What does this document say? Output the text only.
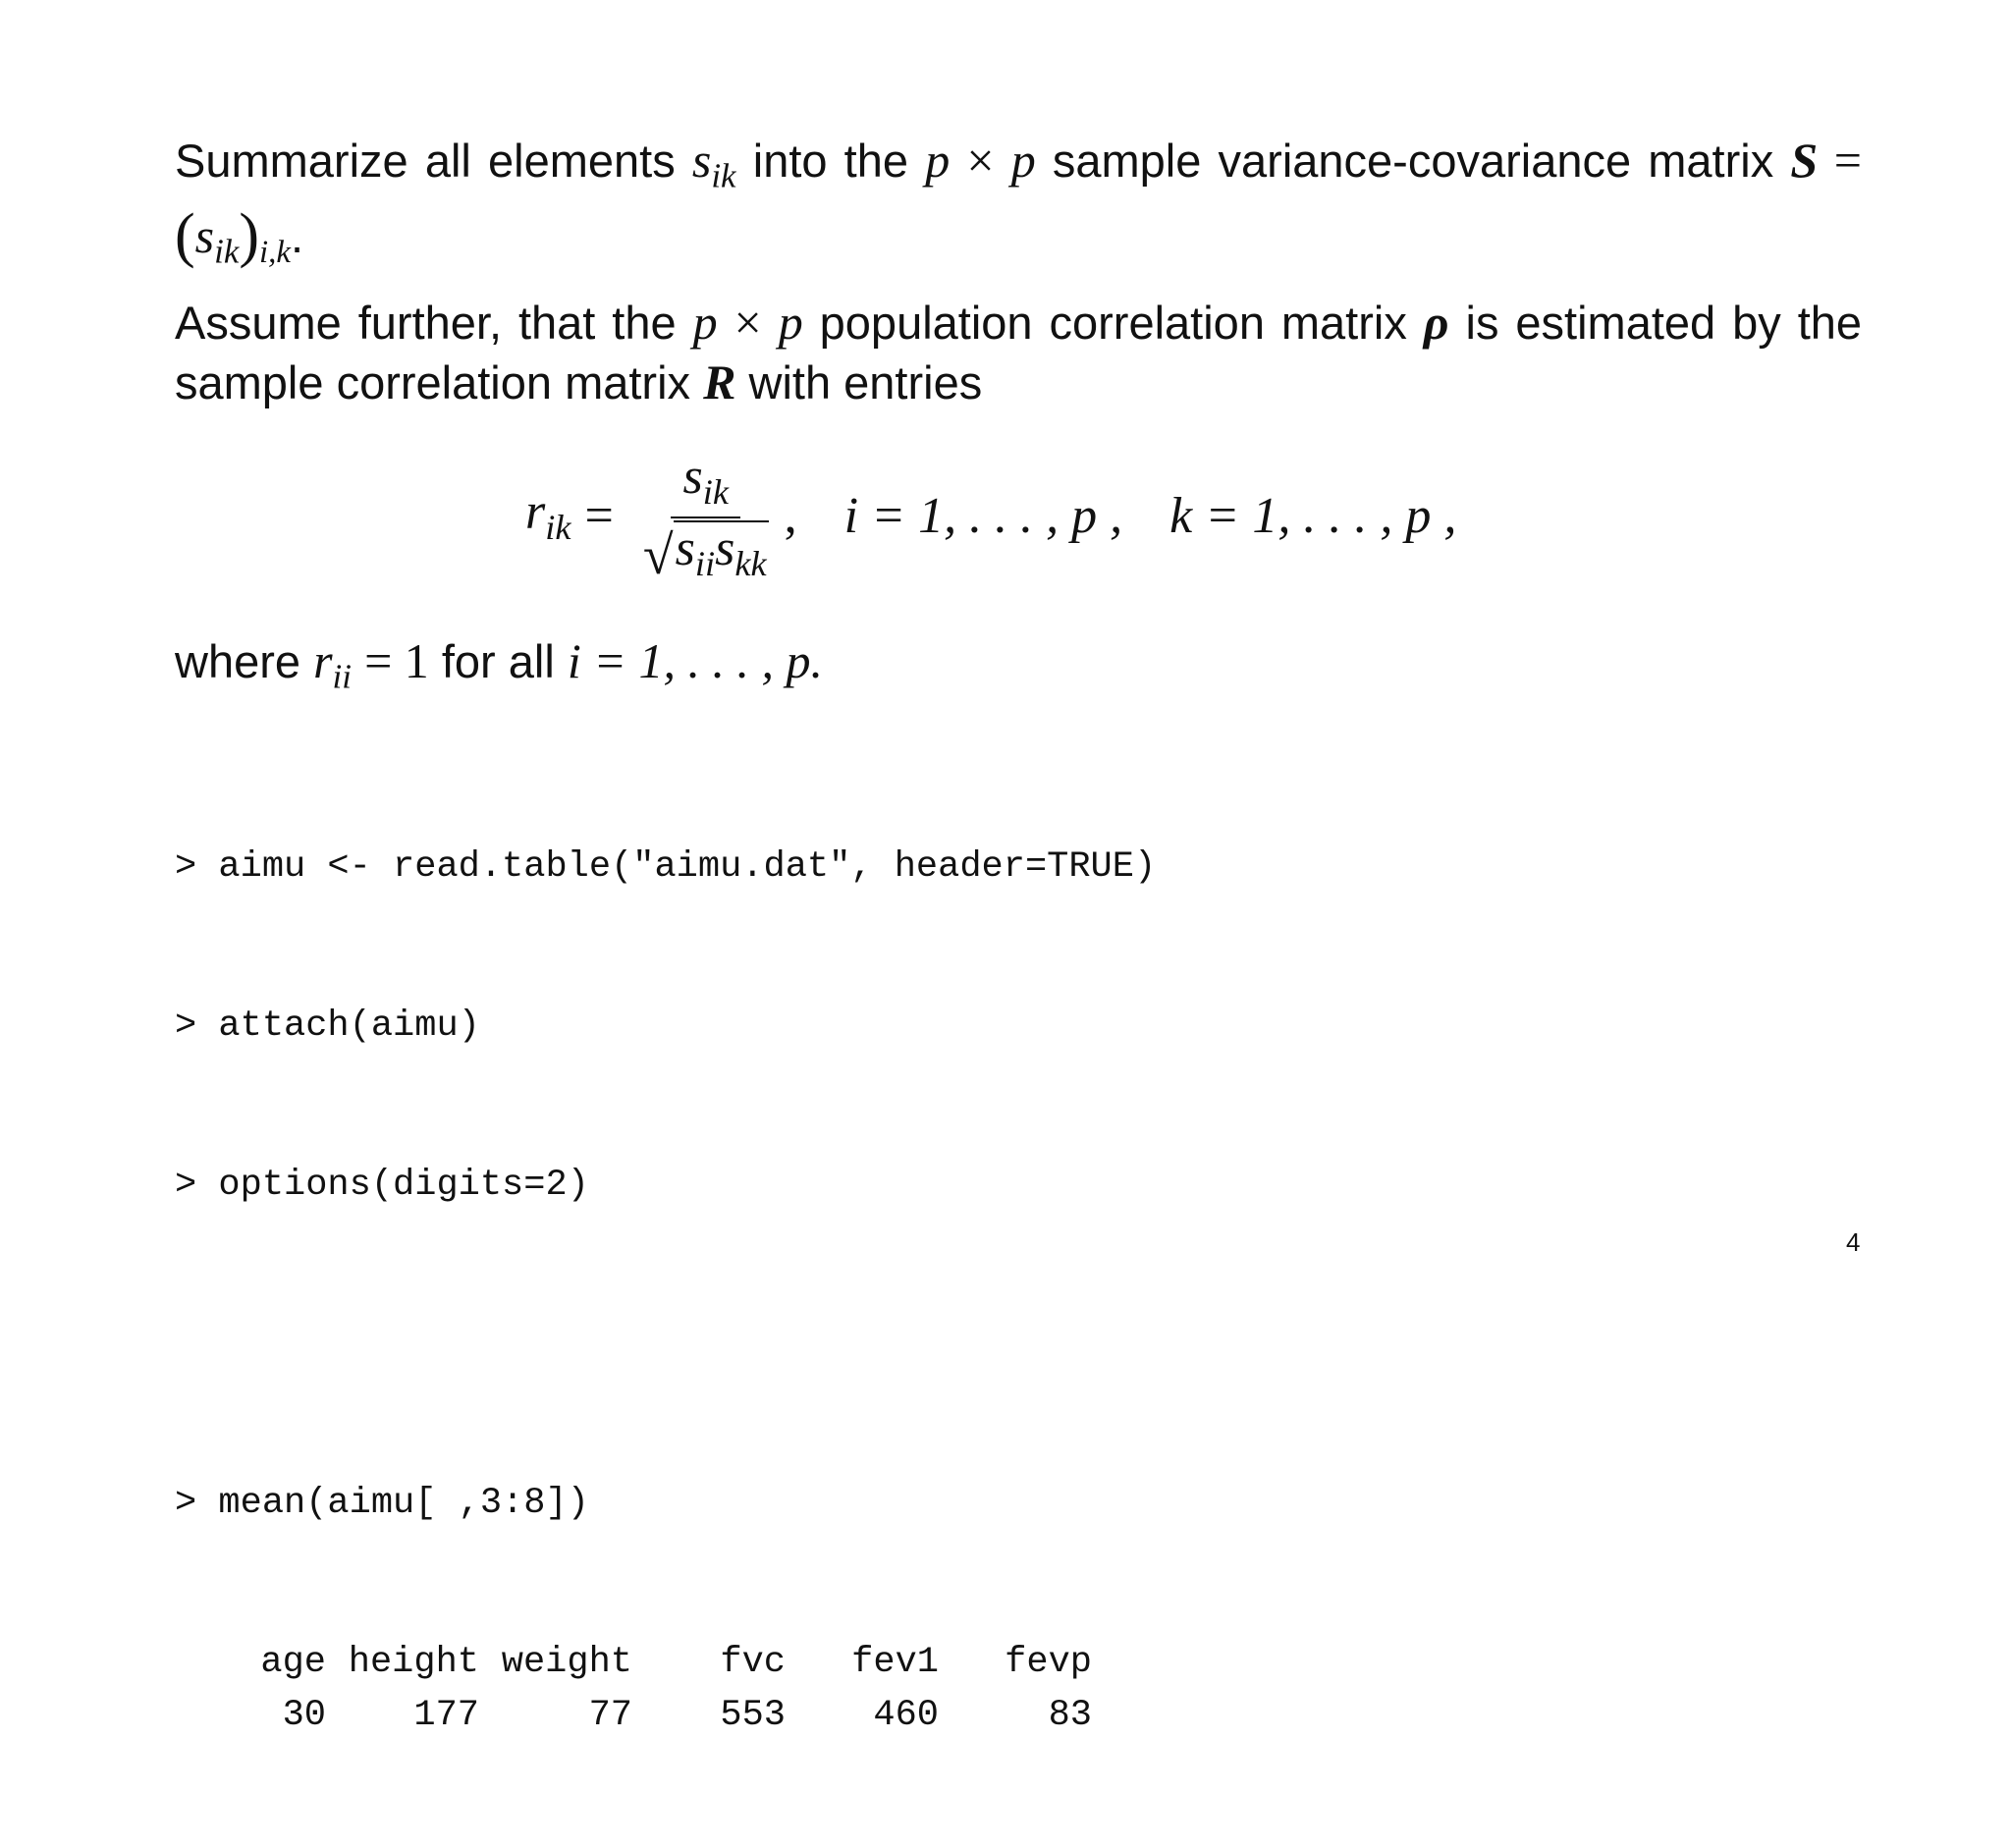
Summarize all elements $s_{ik}$ into the p × p sample variance-covariance matrix $S = (s_{ik})_{i,k}$.
Assume further, that the p × p population correlation matrix ρ is estimated by the sample correlation matrix R with entries
$r_{ik} = \frac{s_{ik}}{√ s_{ii}s_{kk}}$ , i = 1, . . . , p , k = 1, . . . , p ,
where $r_{ii} = 1$ for all i = 1, . . . , p.

> aimu <- read.table("aimu.dat", header=TRUE)

> attach(aimu)

> options(digits=2)

> mean(aimu[ ,3:8])

age
30
height
177
weight
77
fvc
553
fev1
460
fevp
83

4
